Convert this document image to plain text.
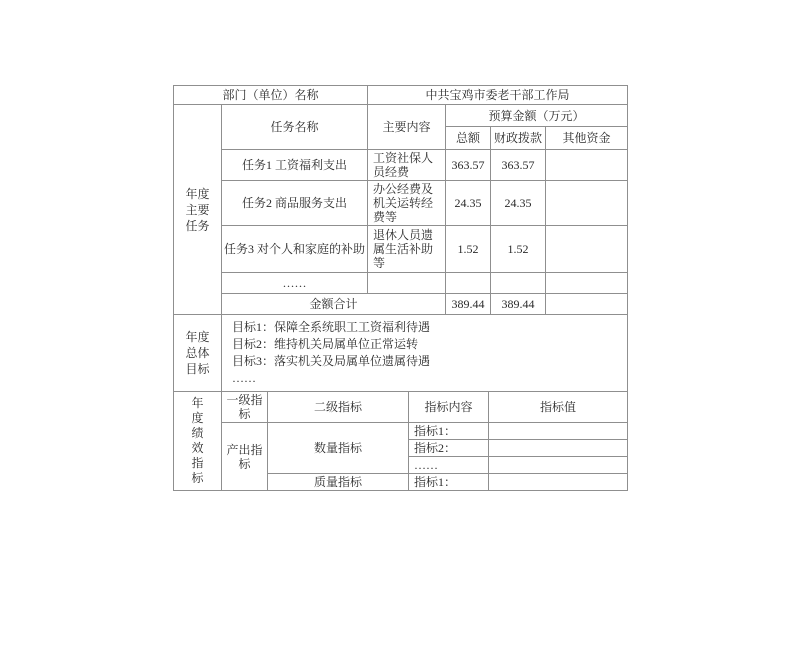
部门（单位）名称	中共宝鸡市委老干部工作局
年度主要任务	任务名称	主要内容	预算金额（万元）		
			总额	财政拨款	其他资金
	任务1 工资福利支出	工资社保人员经费	363.57	363.57	
	任务2 商品服务支出	办公经费及机关运转经费等	24.35	24.35	
	任务3 对个人和家庭的补助	退休人员遗属生活补助等	1.52	1.52	
	……				
	金额合计		389.44	389.44	
年度总体目标

目标1：保障全系统职工工资福利待遇
目标2：维持机关局属单位正常运转
目标3：落实机关及局属单位遗属待遇
……
年度绩效指标	一级指标	二级指标	指标内容	指标值
	产出指标	数量指标	指标1：	
			指标2：	
			……	
		质量指标	指标1：	
